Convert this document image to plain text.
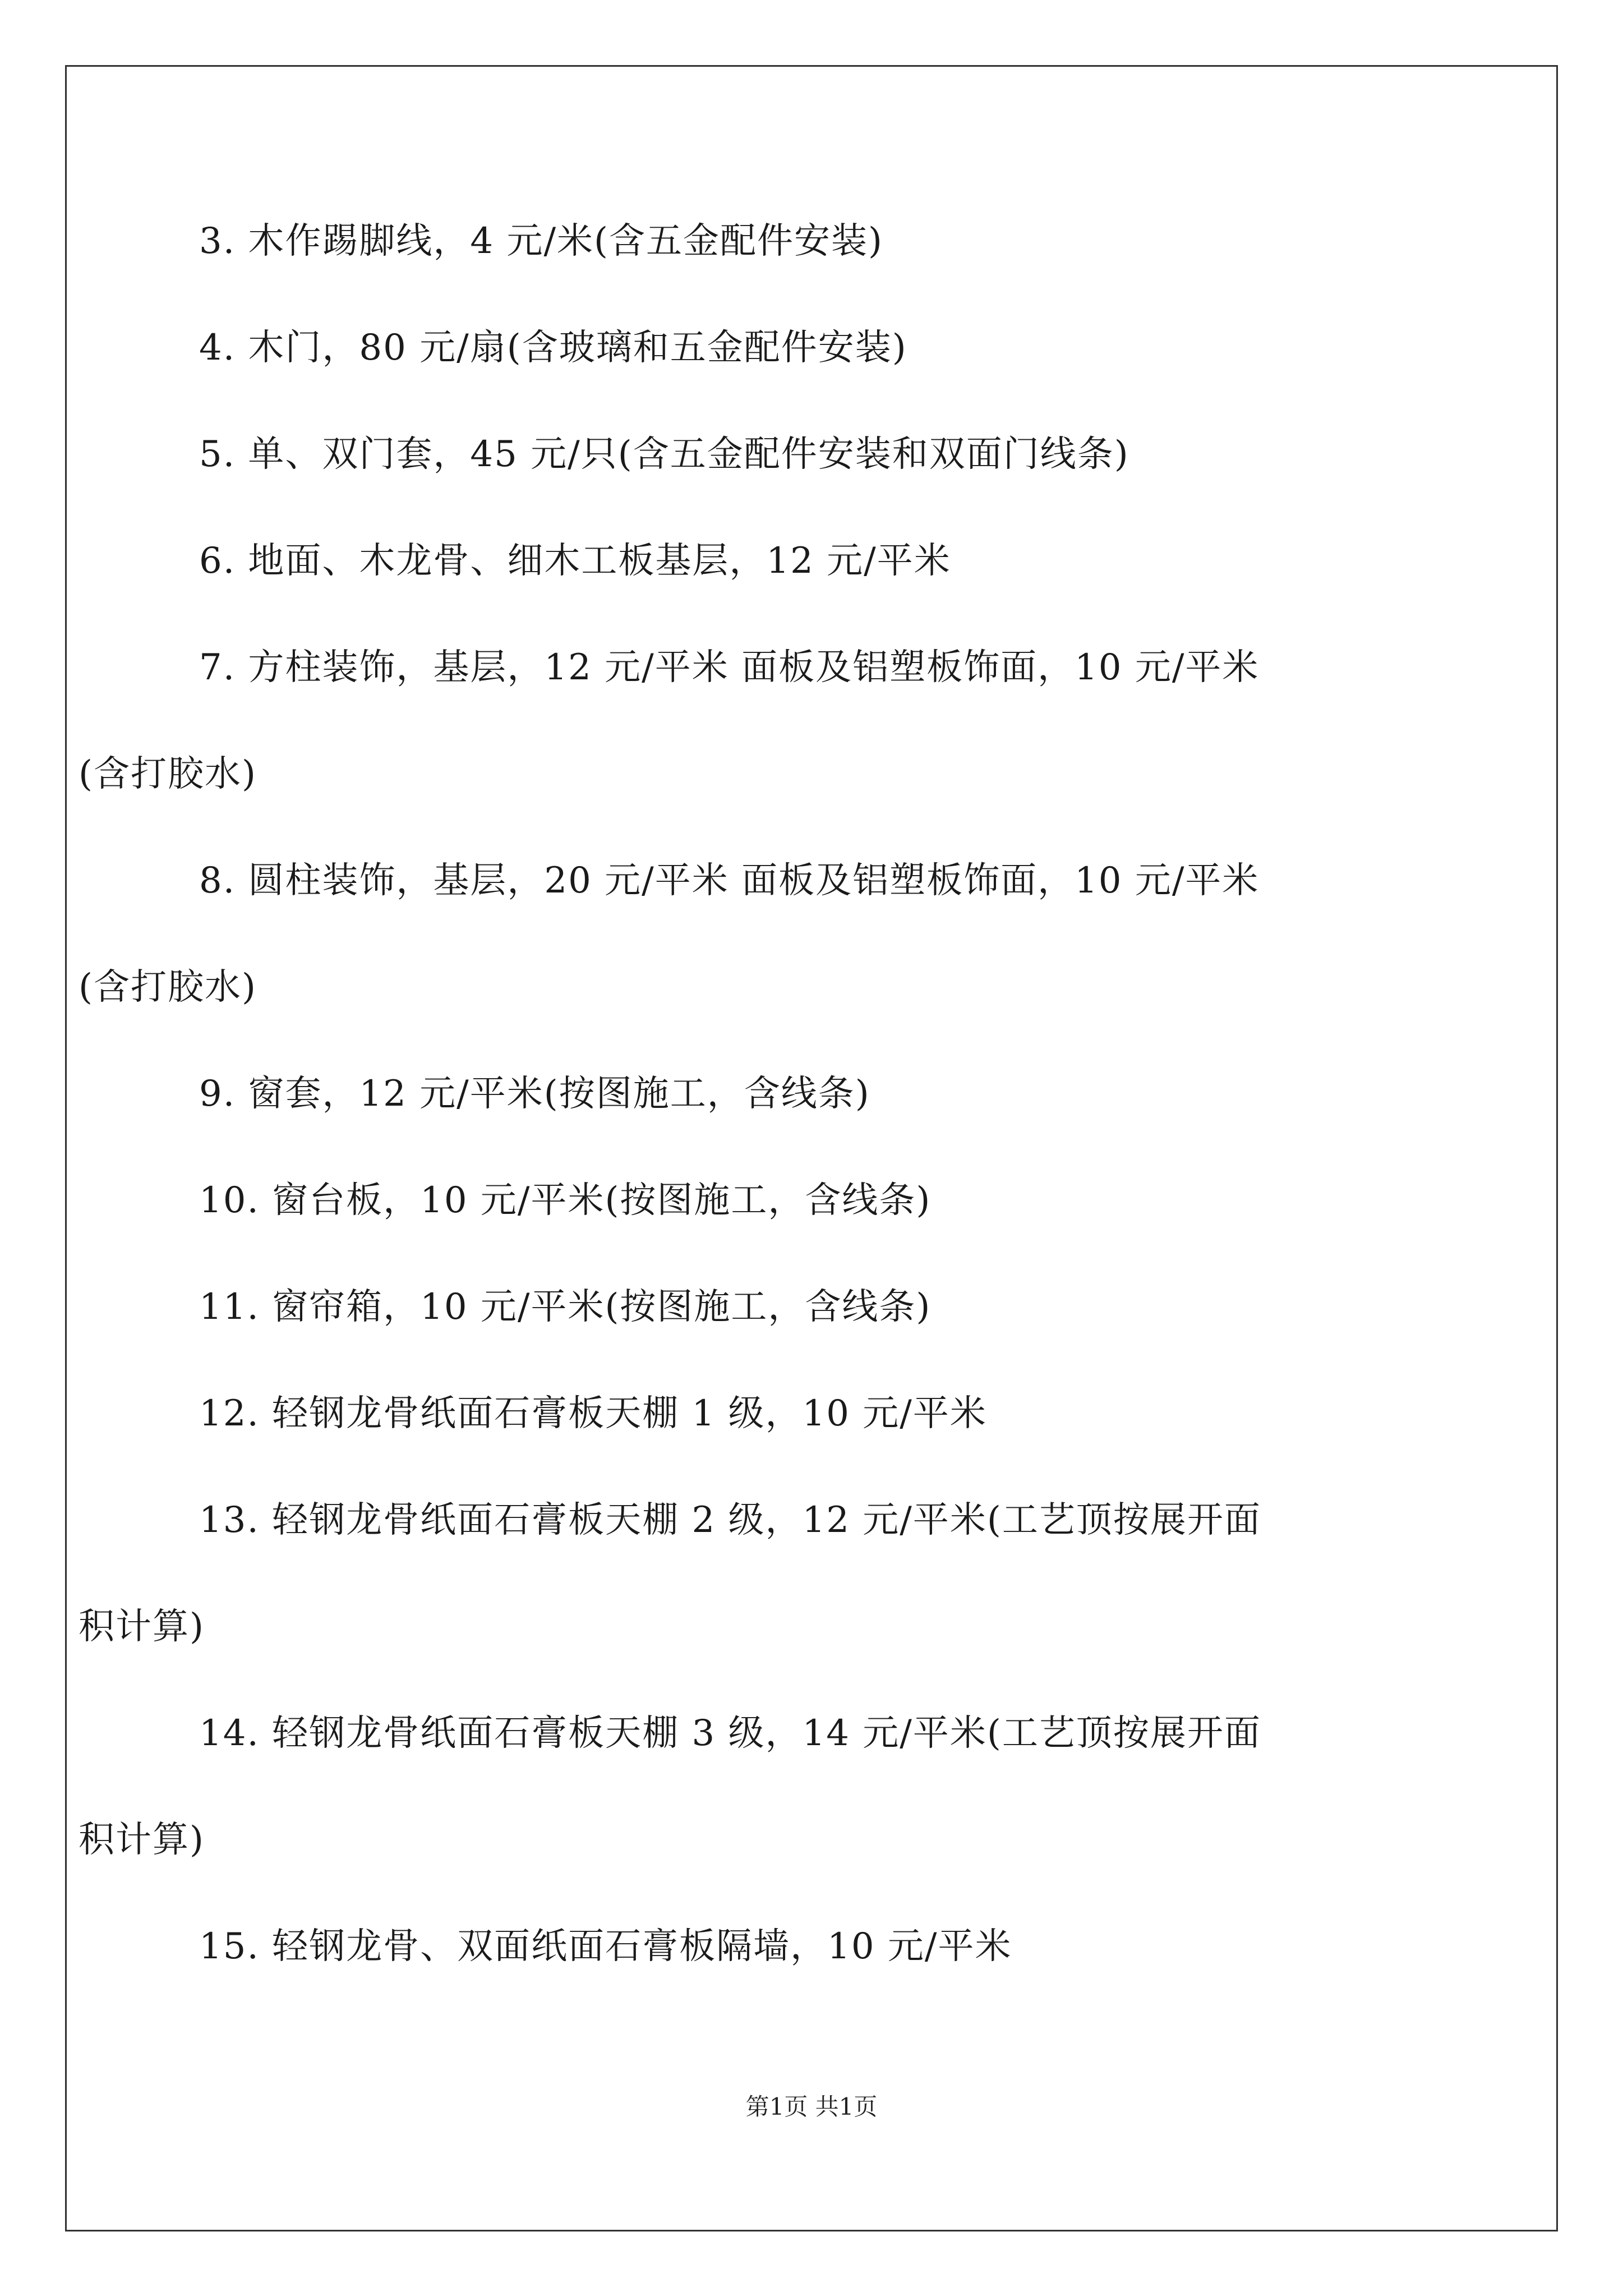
3. 木作踢脚线，4 元/米(含五金配件安装)
4. 木门，80 元/扇(含玻璃和五金配件安装)
5. 单、双门套，45 元/只(含五金配件安装和双面门线条)
6. 地面、木龙骨、细木工板基层，12 元/平米
7. 方柱装饰，基层，12 元/平米 面板及铝塑板饰面，10 元/平米
(含打胶水)
8. 圆柱装饰，基层，20 元/平米 面板及铝塑板饰面，10 元/平米
(含打胶水)
9. 窗套，12 元/平米(按图施工，含线条)
10. 窗台板，10 元/平米(按图施工，含线条)
11. 窗帘箱，10 元/平米(按图施工，含线条)
12. 轻钢龙骨纸面石膏板天棚 1 级，10 元/平米
13. 轻钢龙骨纸面石膏板天棚 2 级，12 元/平米(工艺顶按展开面
积计算)
14. 轻钢龙骨纸面石膏板天棚 3 级，14 元/平米(工艺顶按展开面
积计算)
15. 轻钢龙骨、双面纸面石膏板隔墙，10 元/平米
第1页 共1页
